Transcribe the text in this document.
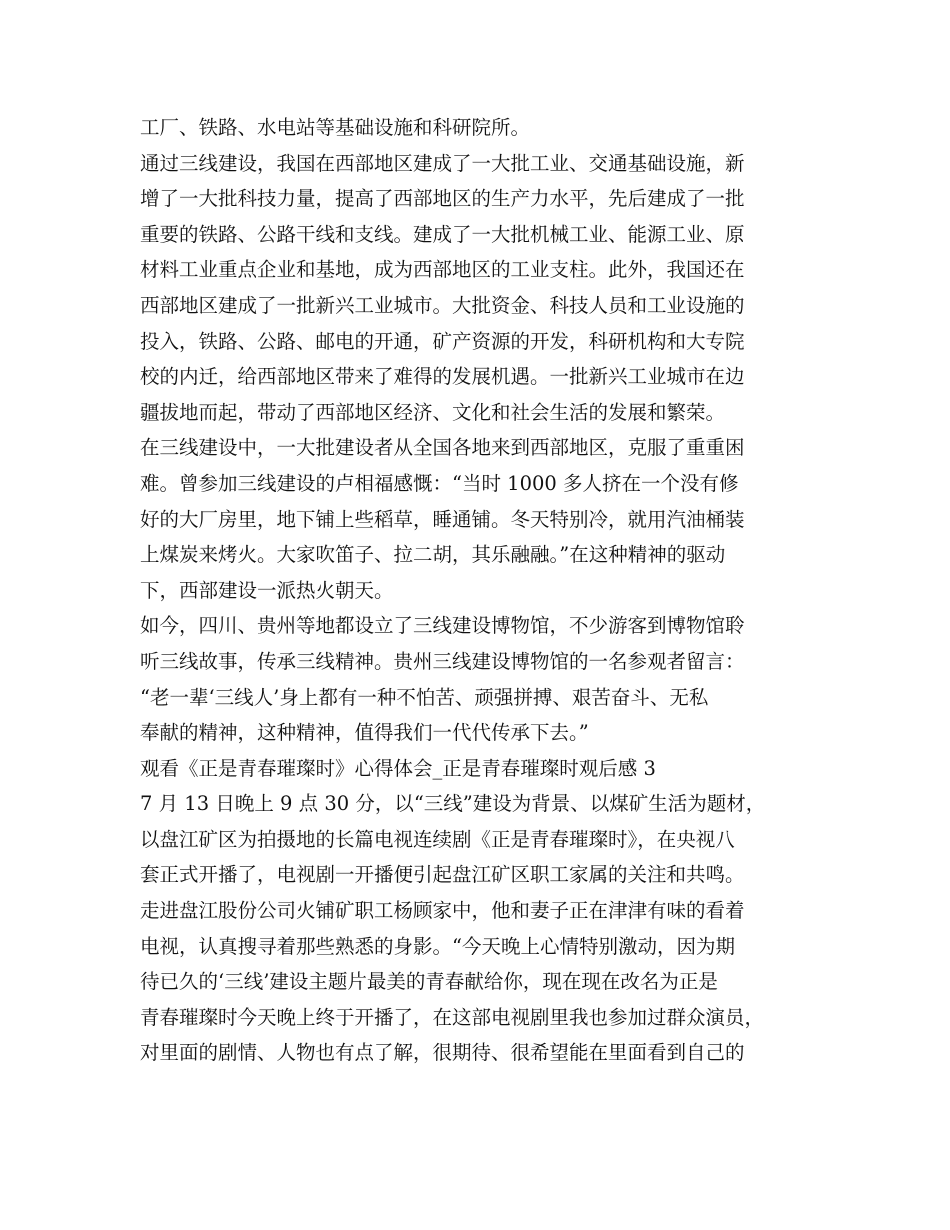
工厂、铁路、水电站等基础设施和科研院所。
通过三线建设，我国在西部地区建成了一大批工业、交通基础设施，新
增了一大批科技力量，提高了西部地区的生产力水平，先后建成了一批
重要的铁路、公路干线和支线。建成了一大批机械工业、能源工业、原
材料工业重点企业和基地，成为西部地区的工业支柱。此外，我国还在
西部地区建成了一批新兴工业城市。大批资金、科技人员和工业设施的
投入，铁路、公路、邮电的开通，矿产资源的开发，科研机构和大专院
校的内迁，给西部地区带来了难得的发展机遇。一批新兴工业城市在边
疆拔地而起，带动了西部地区经济、文化和社会生活的发展和繁荣。
在三线建设中，一大批建设者从全国各地来到西部地区，克服了重重困
难。曾参加三线建设的卢相福感慨：“当时 1000 多人挤在一个没有修
好的大厂房里，地下铺上些稻草，睡通铺。冬天特别冷，就用汽油桶装
上煤炭来烤火。大家吹笛子、拉二胡，其乐融融。”在这种精神的驱动
下，西部建设一派热火朝天。
如今，四川、贵州等地都设立了三线建设博物馆，不少游客到博物馆聆
听三线故事，传承三线精神。贵州三线建设博物馆的一名参观者留言：
“老一辈‘三线人’身上都有一种不怕苦、顽强拼搏、艰苦奋斗、无私
奉献的精神，这种精神，值得我们一代代传承下去。”
观看《正是青春璀璨时》心得体会_正是青春璀璨时观后感 3
7 月 13 日晚上 9 点 30 分，以“三线”建设为背景、以煤矿生活为题材，
以盘江矿区为拍摄地的长篇电视连续剧《正是青春璀璨时》，在央视八
套正式开播了，电视剧一开播便引起盘江矿区职工家属的关注和共鸣。
走进盘江股份公司火铺矿职工杨顾家中，他和妻子正在津津有味的看着
电视，认真搜寻着那些熟悉的身影。“今天晚上心情特别激动，因为期
待已久的‘三线’建设主题片最美的青春献给你，现在现在改名为正是
青春璀璨时今天晚上终于开播了，在这部电视剧里我也参加过群众演员，
对里面的剧情、人物也有点了解，很期待、很希望能在里面看到自己的
